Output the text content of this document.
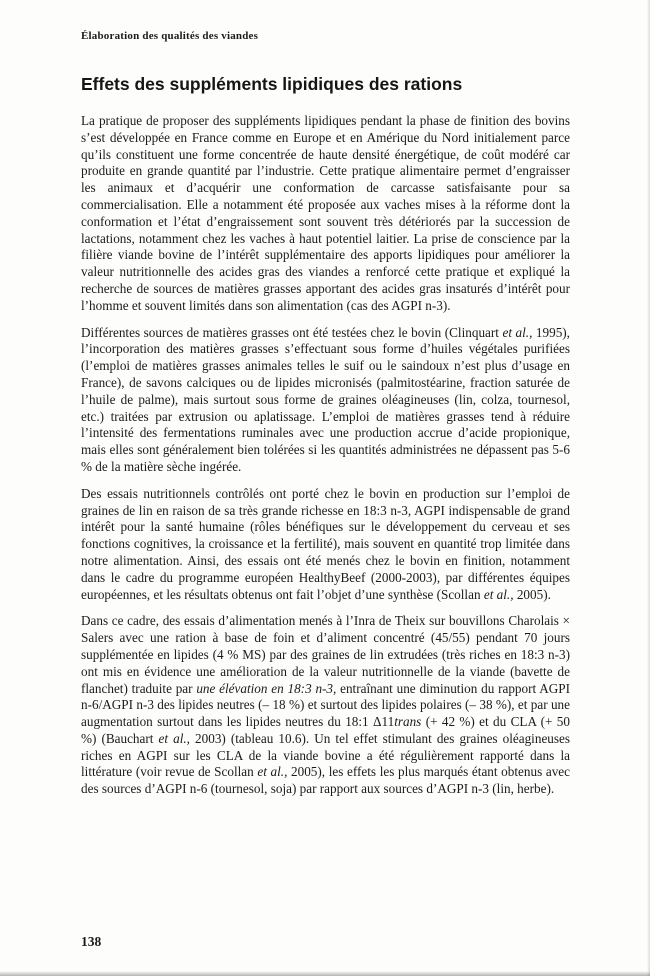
Élaboration des qualités des viandes
Effets des suppléments lipidiques des rations

La pratique de proposer des suppléments lipidiques pendant la phase de finition des bovins s’est développée en France comme en Europe et en Amérique du Nord initialement parce qu’ils constituent une forme concentrée de haute densité énergétique, de coût modéré car produite en grande quantité par l’industrie. Cette pratique alimentaire permet d’engraisser les animaux et d’acquérir une conformation de carcasse satisfaisante pour sa commercialisation. Elle a notamment été proposée aux vaches mises à la réforme dont la conformation et l’état d’engraissement sont souvent très détériorés par la succession de lactations, notamment chez les vaches à haut potentiel laitier. La prise de conscience par la filière viande bovine de l’intérêt supplémentaire des apports lipidiques pour améliorer la valeur nutritionnelle des acides gras des viandes a renforcé cette pratique et expliqué la recherche de sources de matières grasses apportant des acides gras insaturés d’intérêt pour l’homme et souvent limités dans son alimentation (cas des AGPI n-3).

Différentes sources de matières grasses ont été testées chez le bovin (Clinquart et al., 1995), l’incorporation des matières grasses s’effectuant sous forme d’huiles végétales purifiées (l’emploi de matières grasses animales telles le suif ou le saindoux n’est plus d’usage en France), de savons calciques ou de lipides micronisés (palmitostéarine, fraction saturée de l’huile de palme), mais surtout sous forme de graines oléagineuses (lin, colza, tournesol, etc.) traitées par extrusion ou aplatissage. L’emploi de matières grasses tend à réduire l’intensité des fermentations ruminales avec une production accrue d’acide propionique, mais elles sont généralement bien tolérées si les quantités administrées ne dépassent pas 5-6 % de la matière sèche ingérée.

Des essais nutritionnels contrôlés ont porté chez le bovin en production sur l’emploi de graines de lin en raison de sa très grande richesse en 18:3 n-3, AGPI indispensable de grand intérêt pour la santé humaine (rôles bénéfiques sur le développement du cerveau et ses fonctions cognitives, la croissance et la fertilité), mais souvent en quantité trop limitée dans notre alimentation. Ainsi, des essais ont été menés chez le bovin en finition, notamment dans le cadre du programme européen HealthyBeef (2000-2003), par différentes équipes européennes, et les résultats obtenus ont fait l’objet d’une synthèse (Scollan et al., 2005).

Dans ce cadre, des essais d’alimentation menés à l’Inra de Theix sur bouvillons Charolais × Salers avec une ration à base de foin et d’aliment concentré (45/55) pendant 70 jours supplémentée en lipides (4 % MS) par des graines de lin extrudées (très riches en 18:3 n-3) ont mis en évidence une amélioration de la valeur nutritionnelle de la viande (bavette de flanchet) traduite par une élévation en 18:3 n-3, entraînant une diminution du rapport AGPI n-6/AGPI n-3 des lipides neutres (– 18 %) et surtout des lipides polaires (– 38 %), et par une augmentation surtout dans les lipides neutres du 18:1 Δ11trans (+ 42 %) et du CLA (+ 50 %) (Bauchart et al., 2003) (tableau 10.6). Un tel effet stimulant des graines oléagineuses riches en AGPI sur les CLA de la viande bovine a été régulièrement rapporté dans la littérature (voir revue de Scollan et al., 2005), les effets les plus marqués étant obtenus avec des sources d’AGPI n-6 (tournesol, soja) par rapport aux sources d’AGPI n-3 (lin, herbe).

138
